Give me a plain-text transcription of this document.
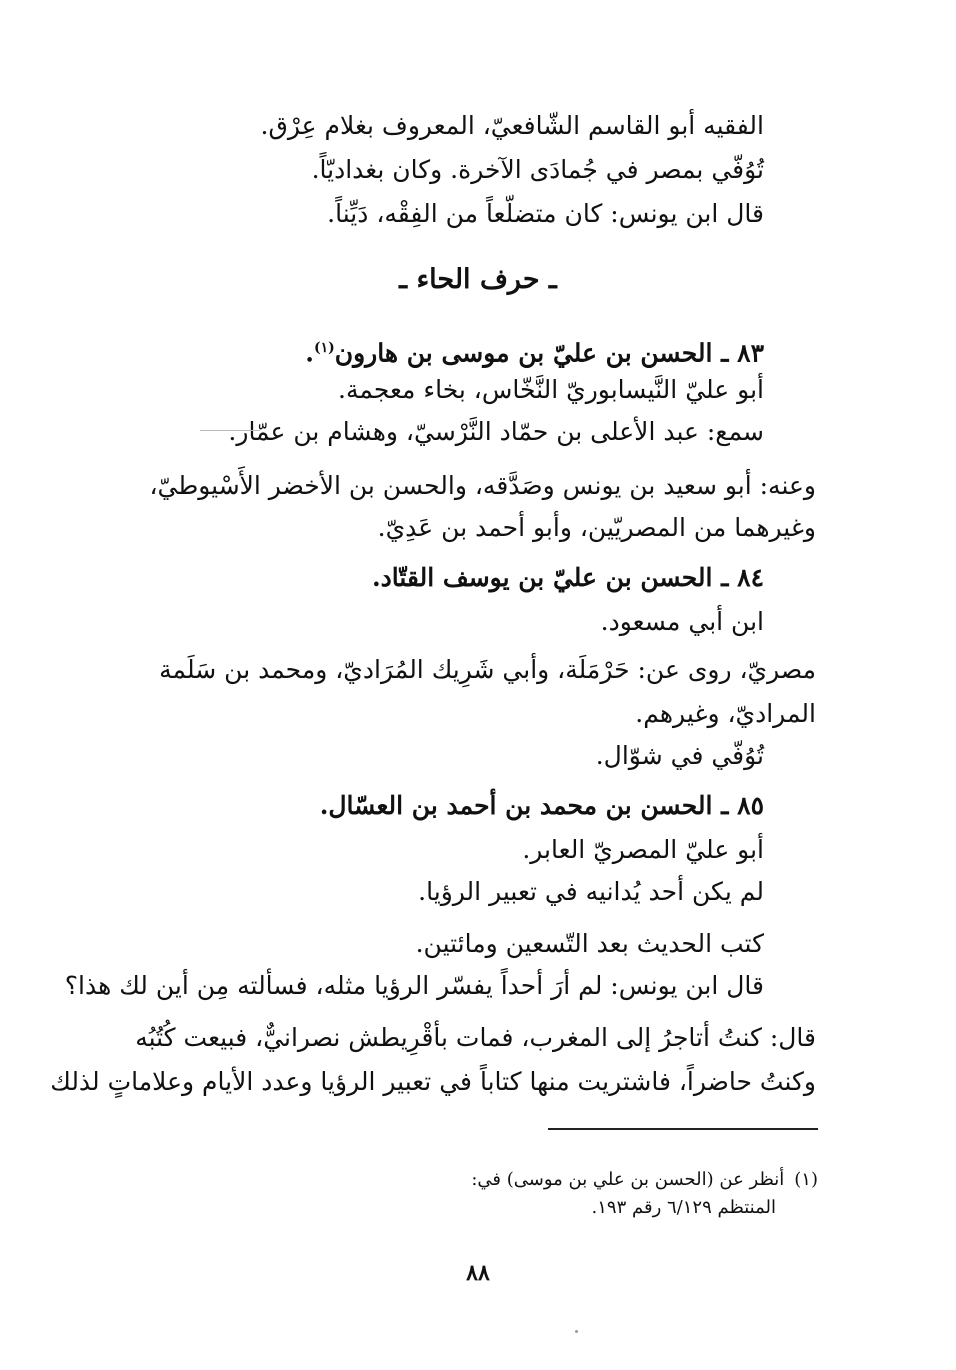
الفقيه أبو القاسم الشّافعيّ، المعروف بغلام عِرْق.
تُوُفّي بمصر في جُمادَى الآخرة. وكان بغداديّاً.
قال ابن يونس: كان متضلّعاً من الفِقْه، دَيِّناً.
ـ حرف الحاء ـ
٨٣ ـ الحسن بن عليّ بن موسى بن هارون$^{(١)}$.
أبو عليّ النَّيسابوريّ النَّخّاس، بخاء معجمة.
سمع: عبد الأعلى بن حمّاد النَّرْسيّ، وهشام بن عمّار.
وعنه: أبو سعيد بن يونس وصَدَّقه، والحسن بن الأخضر الأَسْيوطيّ،
وغيرهما من المصريّين، وأبو أحمد بن عَدِيّ.
٨٤ ـ الحسن بن عليّ بن يوسف القتّاد.
ابن أبي مسعود.
مصريّ، روى عن: حَرْمَلَة، وأبي شَرِيك المُرَاديّ، ومحمد بن سَلَمة
المراديّ، وغيرهم.
تُوُفّي في شوّال.
٨٥ ـ الحسن بن محمد بن أحمد بن العسّال.
أبو عليّ المصريّ العابر.
لم يكن أحد يُدانيه في تعبير الرؤيا.
كتب الحديث بعد التّسعين ومائتين.
قال ابن يونس: لم أرَ أحداً يفسّر الرؤيا مثله، فسألته مِن أين لك هذا؟
قال: كنتُ أتاجرُ إلى المغرب، فمات بأقْرِيطش نصرانيٌّ، فبيعت كُتُبُه
وكنتُ حاضراً، فاشتريت منها كتاباً في تعبير الرؤيا وعدد الأيام وعلاماتٍ لذلك
(١)أنظر عن (الحسن بن علي بن موسى) في:
المنتظم ٦/١٢٩ رقم ١٩٣.
٨٨
